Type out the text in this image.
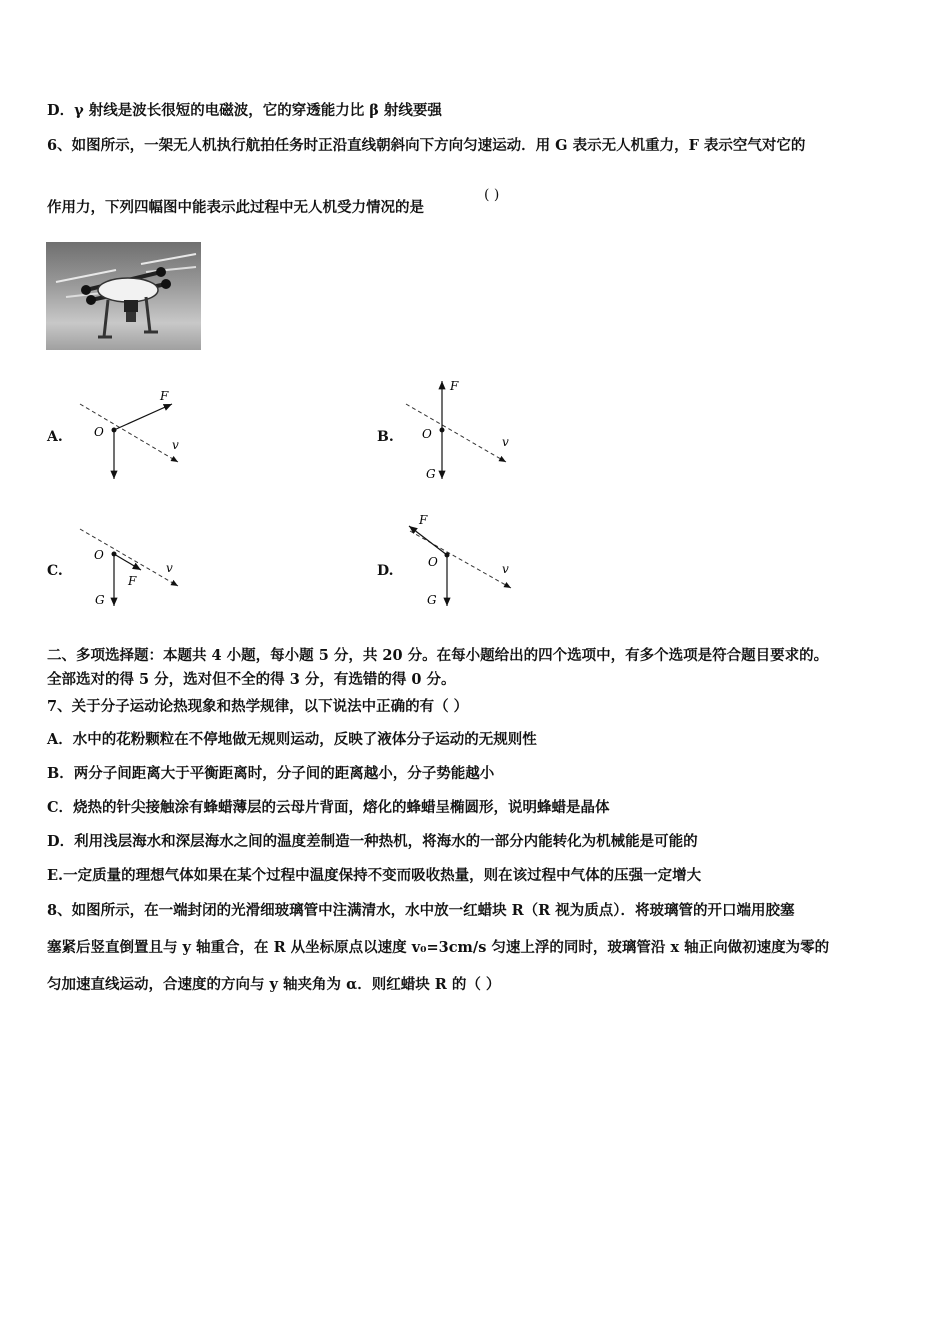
D．γ 射线是波长很短的电磁波，它的穿透能力比 β 射线要强
6、如图所示，一架无人机执行航拍任务时正沿直线朝斜向下方向匀速运动．用 G 表示无人机重力，F 表示空气对它的
作用力，下列四幅图中能表示此过程中无人机受力情况的是
( )
F
O
v
F
O
G
v
O
F
G
v
F
O
G
v
A.	B.
C.	D.
二、多项选择题：本题共 4 小题，每小题 5 分，共 20 分。在每小题给出的四个选项中，有多个选项是符合题目要求的。
全部选对的得 5 分，选对但不全的得 3 分，有选错的得 0 分。
7、关于分子运动论热现象和热学规律，以下说法中正确的有（ ）
A．水中的花粉颗粒在不停地做无规则运动，反映了液体分子运动的无规则性
B．两分子间距离大于平衡距离时，分子间的距离越小，分子势能越小
C．烧热的针尖接触涂有蜂蜡薄层的云母片背面，熔化的蜂蜡呈椭圆形，说明蜂蜡是晶体
D．利用浅层海水和深层海水之间的温度差制造一种热机，将海水的一部分内能转化为机械能是可能的
E.一定质量的理想气体如果在某个过程中温度保持不变而吸收热量，则在该过程中气体的压强一定增大
8、如图所示，在一端封闭的光滑细玻璃管中注满清水，水中放一红蜡块 R（R 视为质点）．将玻璃管的开口端用胶塞
塞紧后竖直倒置且与 y 轴重合，在 R 从坐标原点以速度 v₀=3cm/s 匀速上浮的同时，玻璃管沿 x 轴正向做初速度为零的
匀加速直线运动，合速度的方向与 y 轴夹角为 α．则红蜡块 R 的（ ）
